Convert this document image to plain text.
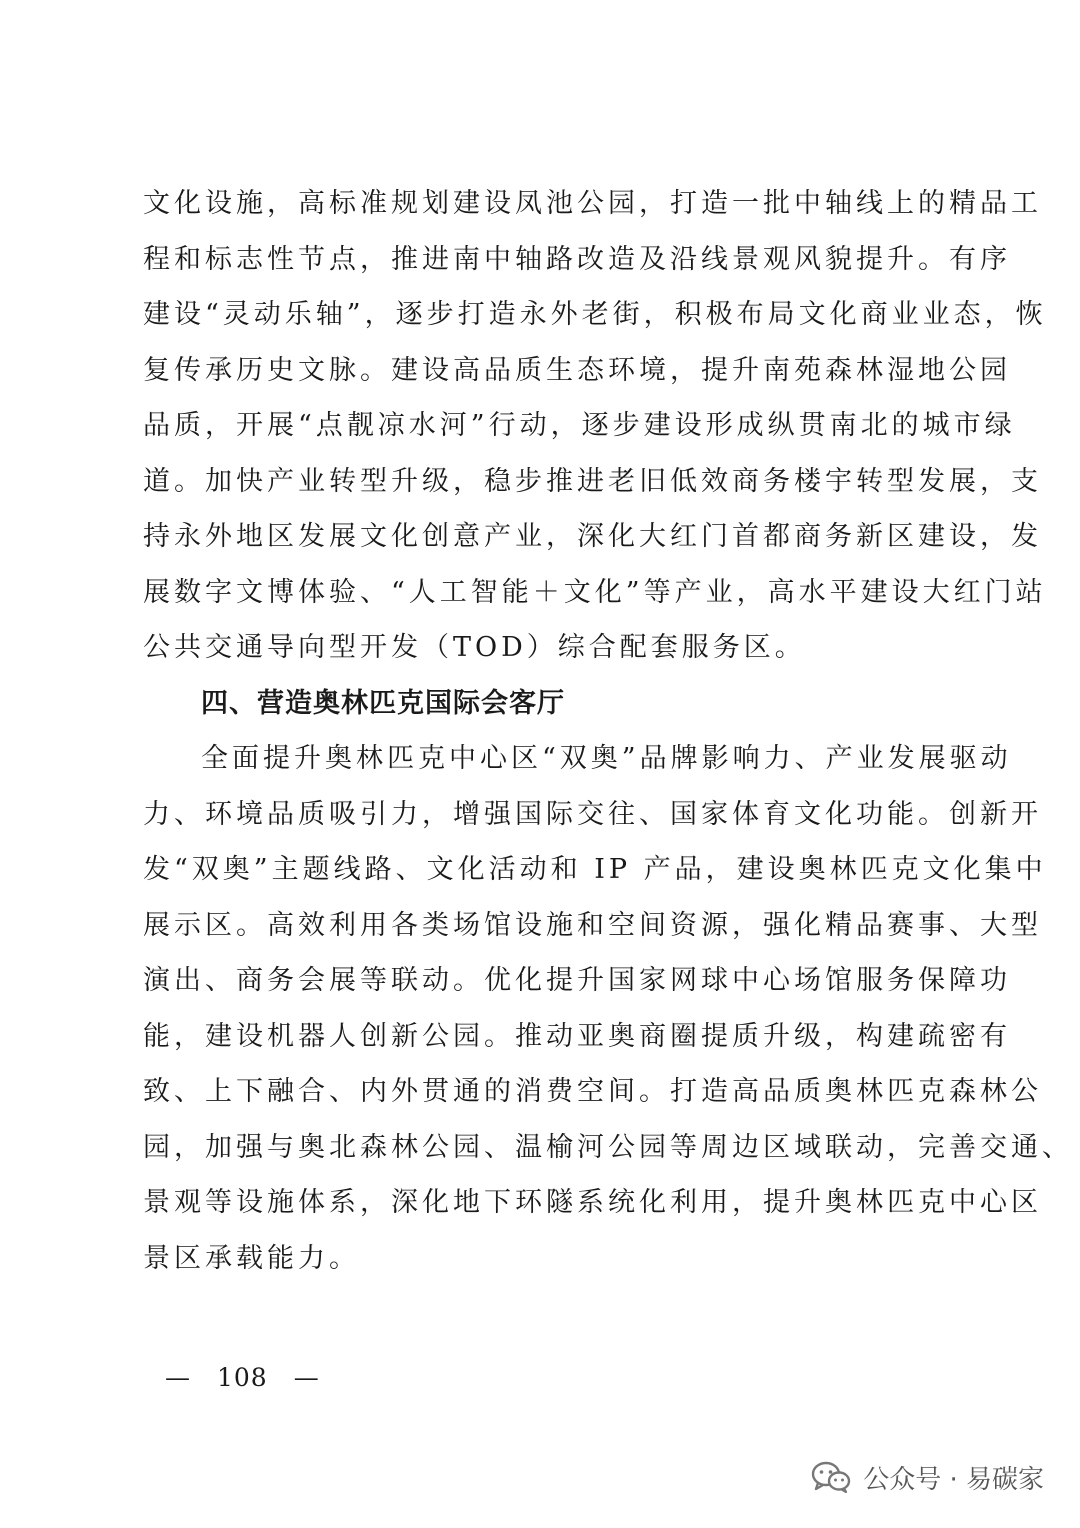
文化设施，高标准规划建设凤池公园，打造一批中轴线上的精品工
程和标志性节点，推进南中轴路改造及沿线景观风貌提升。有序
建设“灵动乐轴”，逐步打造永外老街，积极布局文化商业业态，恢
复传承历史文脉。建设高品质生态环境，提升南苑森林湿地公园
品质，开展“点靓凉水河”行动，逐步建设形成纵贯南北的城市绿
道。加快产业转型升级，稳步推进老旧低效商务楼宇转型发展，支
持永外地区发展文化创意产业，深化大红门首都商务新区建设，发
展数字文博体验、“人工智能＋文化”等产业，高水平建设大红门站
公共交通导向型开发（TOD）综合配套服务区。
四、营造奥林匹克国际会客厅
全面提升奥林匹克中心区“双奥”品牌影响力、产业发展驱动
力、环境品质吸引力，增强国际交往、国家体育文化功能。创新开
发“双奥”主题线路、文化活动和 IP 产品，建设奥林匹克文化集中
展示区。高效利用各类场馆设施和空间资源，强化精品赛事、大型
演出、商务会展等联动。优化提升国家网球中心场馆服务保障功
能，建设机器人创新公园。推动亚奥商圈提质升级，构建疏密有
致、上下融合、内外贯通的消费空间。打造高品质奥林匹克森林公
园，加强与奥北森林公园、温榆河公园等周边区域联动，完善交通、
景观等设施体系，深化地下环隧系统化利用，提升奥林匹克中心区
景区承载能力。
—　108　—
公众号 · 易碳家
